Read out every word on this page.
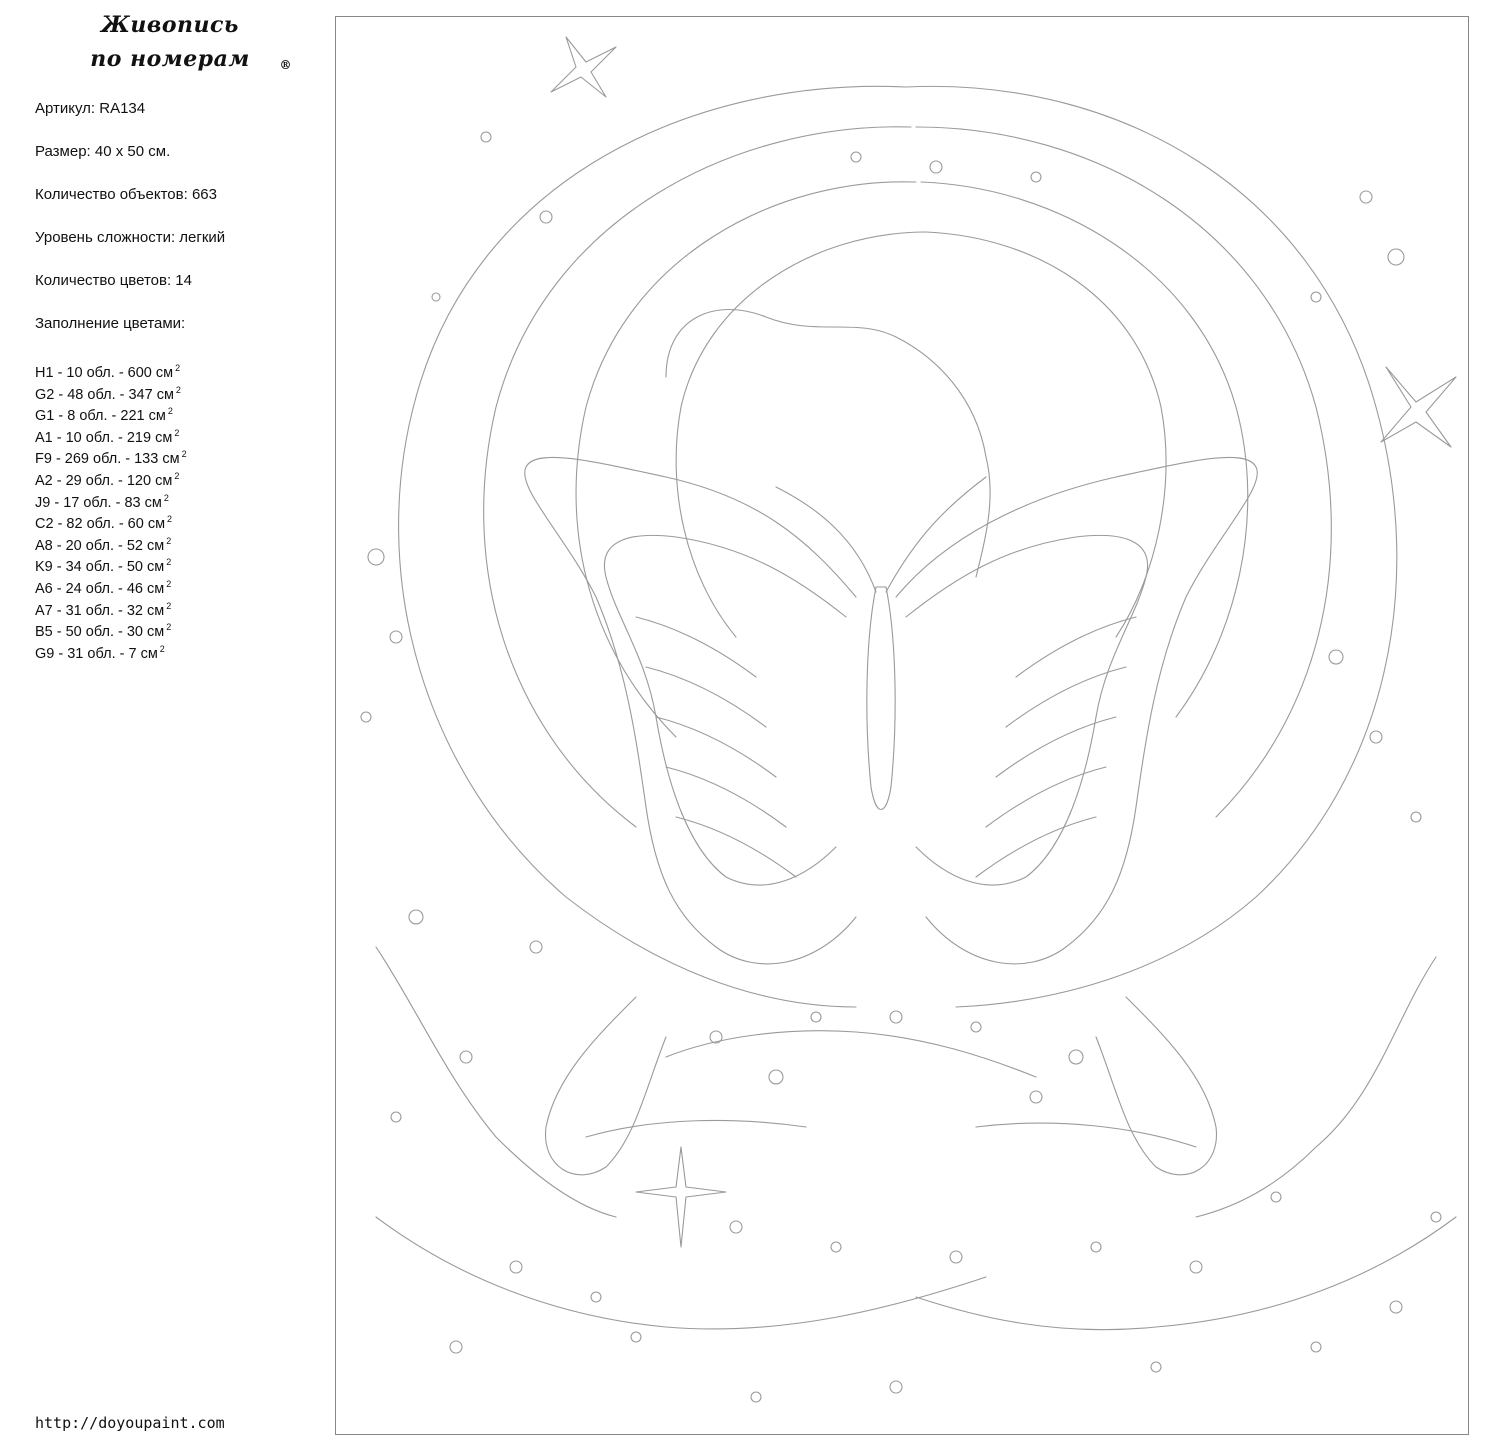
Живопись
по номерам	®
Артикул: RA134
Размер: 40 х 50 см.
Количество объектов: 663
Уровень сложности: легкий
Количество цветов: 14
Заполнение цветами:
H1 - 10 обл. - 600 см $^2$
G2 - 48 обл. - 347 см $^2$
G1 - 8 обл. - 221 см $^2$
A1 - 10 обл. - 219 см $^2$
F9 - 269 обл. - 133 см $^2$
A2 - 29 обл. - 120 см $^2$
J9 - 17 обл. - 83 см $^2$
C2 - 82 обл. - 60 см $^2$
A8 - 20 обл. - 52 см $^2$
K9 - 34 обл. - 50 см $^2$
A6 - 24 обл. - 46 см $^2$
A7 - 31 обл. - 32 см $^2$
B5 - 50 обл. - 30 см $^2$
G9 - 31 обл. - 7 см $^2$
http://doyoupaint.com
